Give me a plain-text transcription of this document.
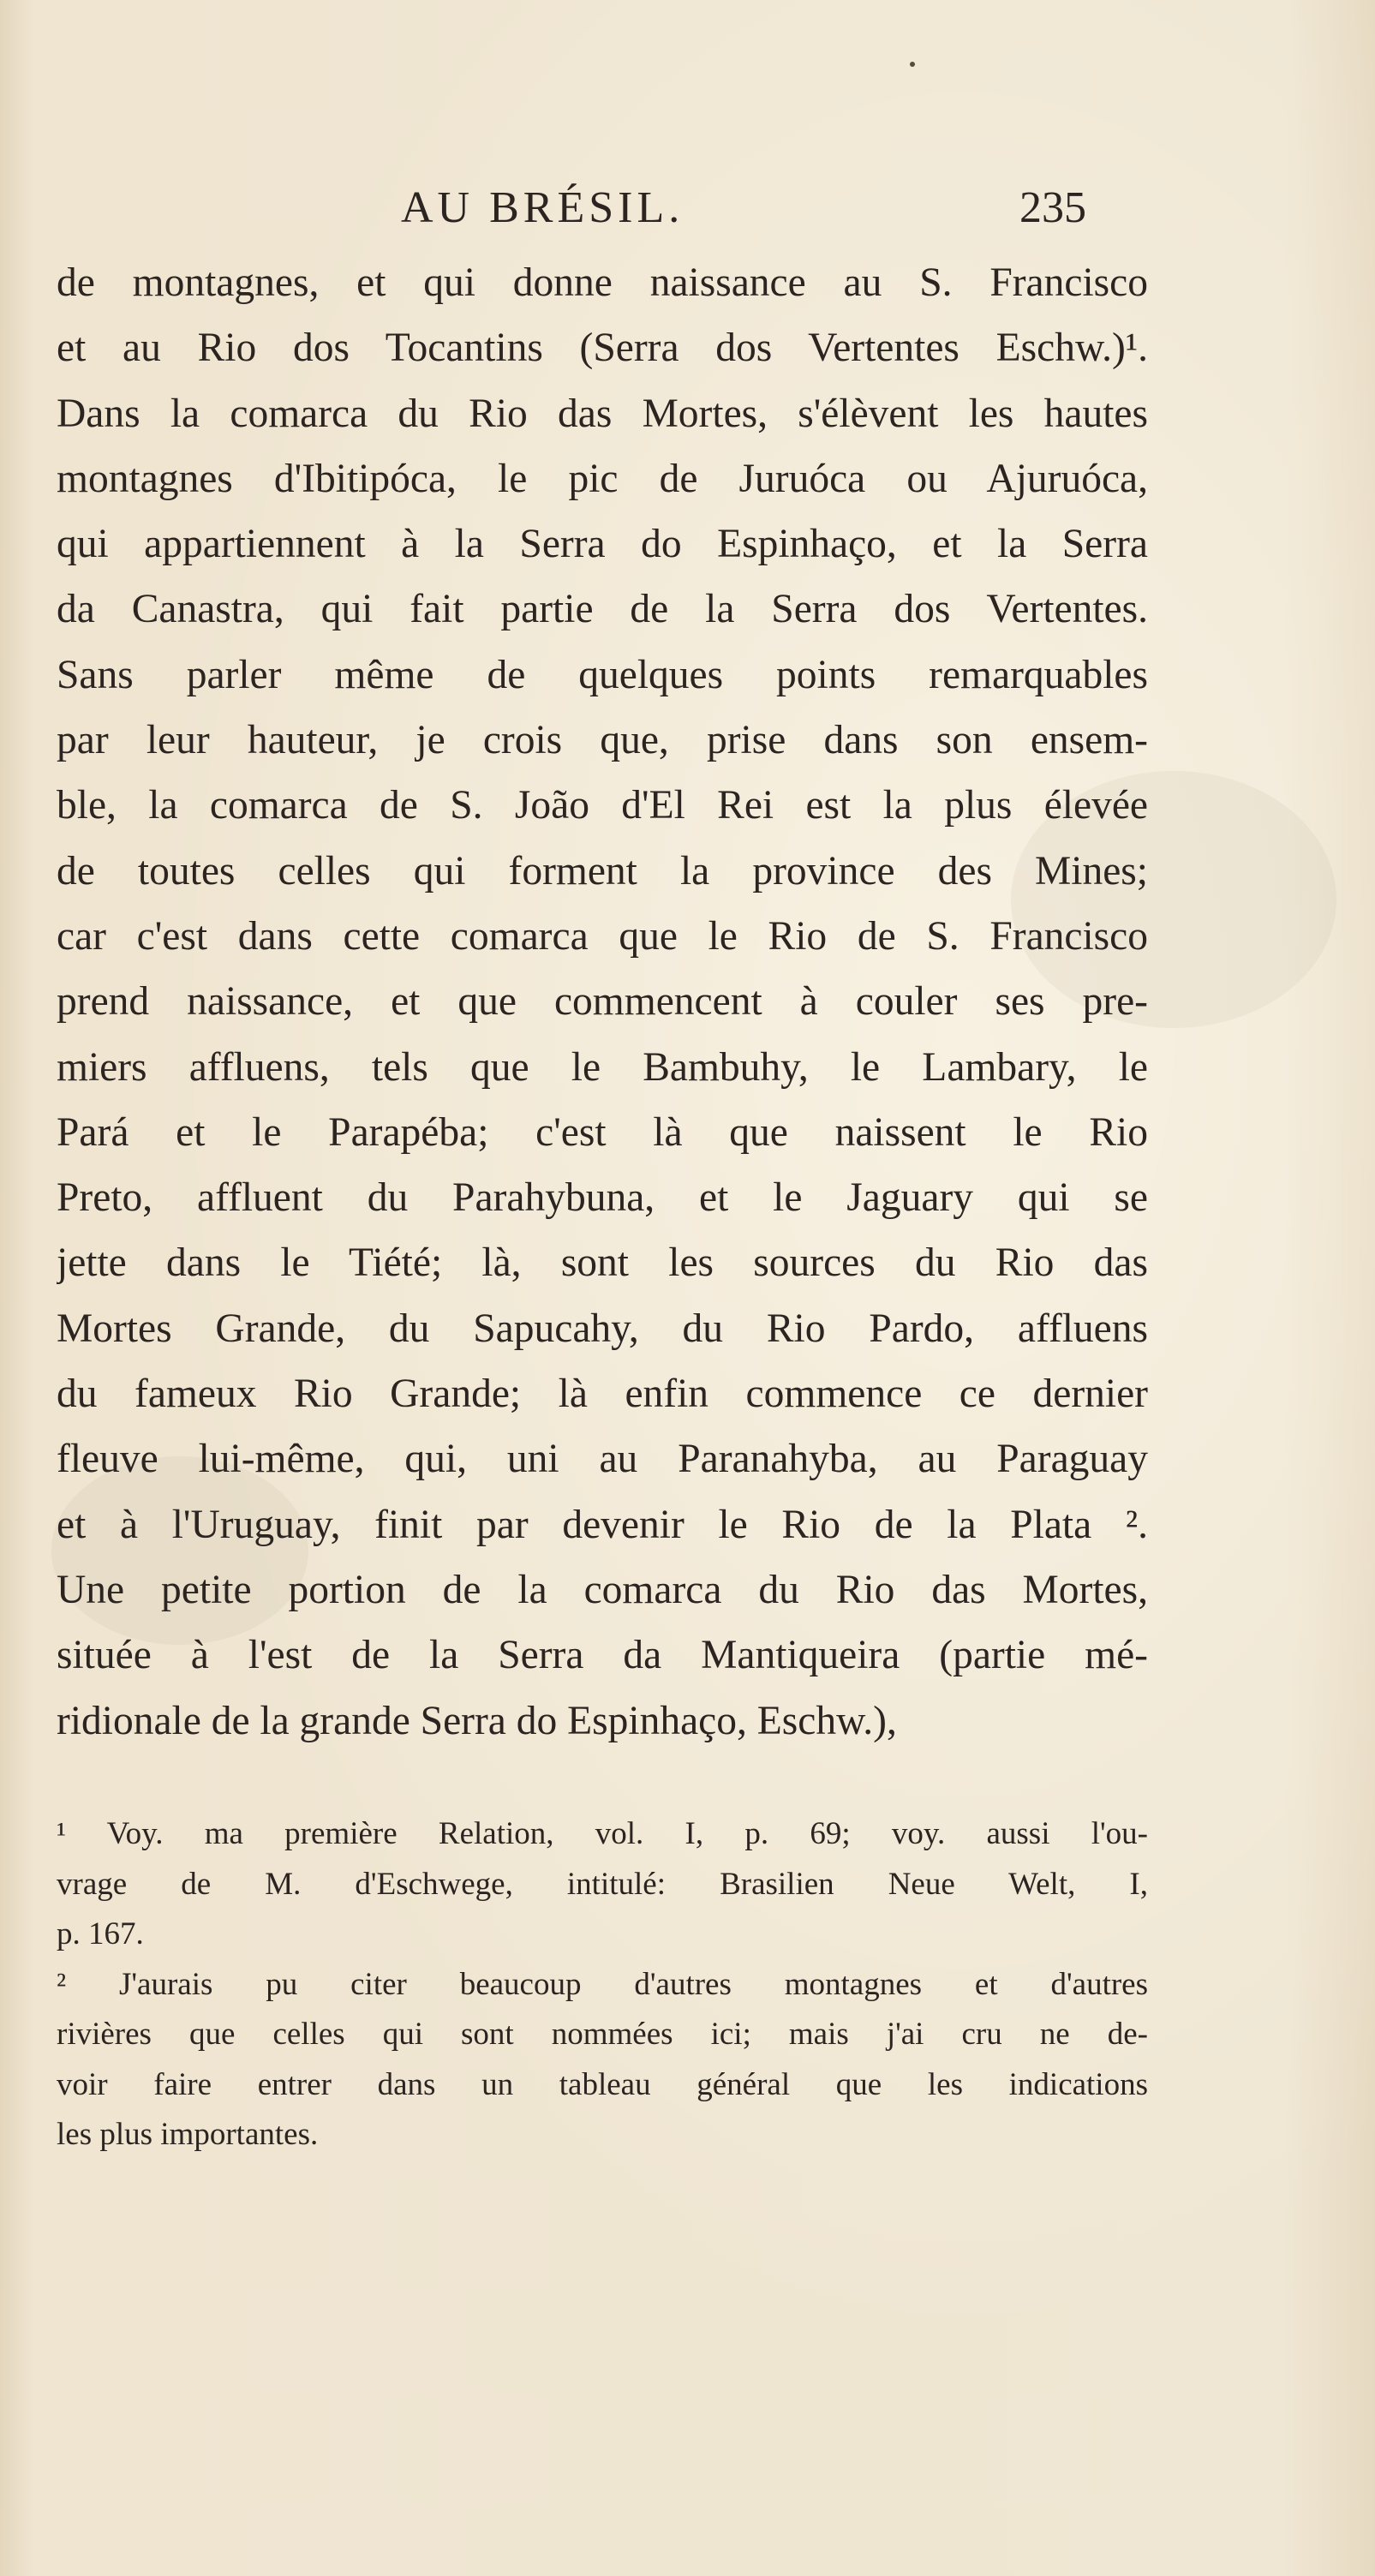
AU BRÉSIL.	235
de montagnes, et qui donne naissance au S. Francisco
et au Rio dos Tocantins (Serra dos Vertentes Eschw.)¹.
Dans la comarca du Rio das Mortes, s'élèvent les hautes
montagnes d'Ibitipóca, le pic de Juruóca ou Ajuruóca,
qui appartiennent à la Serra do Espinhaço, et la Serra
da Canastra, qui fait partie de la Serra dos Vertentes.
Sans parler même de quelques points remarquables
par leur hauteur, je crois que, prise dans son ensem-
ble, la comarca de S. João d'El Rei est la plus élevée
de toutes celles qui forment la province des Mines;
car c'est dans cette comarca que le Rio de S. Francisco
prend naissance, et que commencent à couler ses pre-
miers affluens, tels que le Bambuhy, le Lambary, le
Pará et le Parapéba; c'est là que naissent le Rio
Preto, affluent du Parahybuna, et le Jaguary qui se
jette dans le Tiété; là, sont les sources du Rio das
Mortes Grande, du Sapucahy, du Rio Pardo, affluens
du fameux Rio Grande; là enfin commence ce dernier
fleuve lui-même, qui, uni au Paranahyba, au Paraguay
et à l'Uruguay, finit par devenir le Rio de la Plata ².
Une petite portion de la comarca du Rio das Mortes,
située à l'est de la Serra da Mantiqueira (partie mé-
ridionale de la grande Serra do Espinhaço, Eschw.),
¹ Voy. ma première Relation, vol. I, p. 69; voy. aussi l'ou-
vrage de M. d'Eschwege, intitulé: Brasilien Neue Welt, I,
p. 167.
² J'aurais pu citer beaucoup d'autres montagnes et d'autres
rivières que celles qui sont nommées ici; mais j'ai cru ne de-
voir faire entrer dans un tableau général que les indications
les plus importantes.
